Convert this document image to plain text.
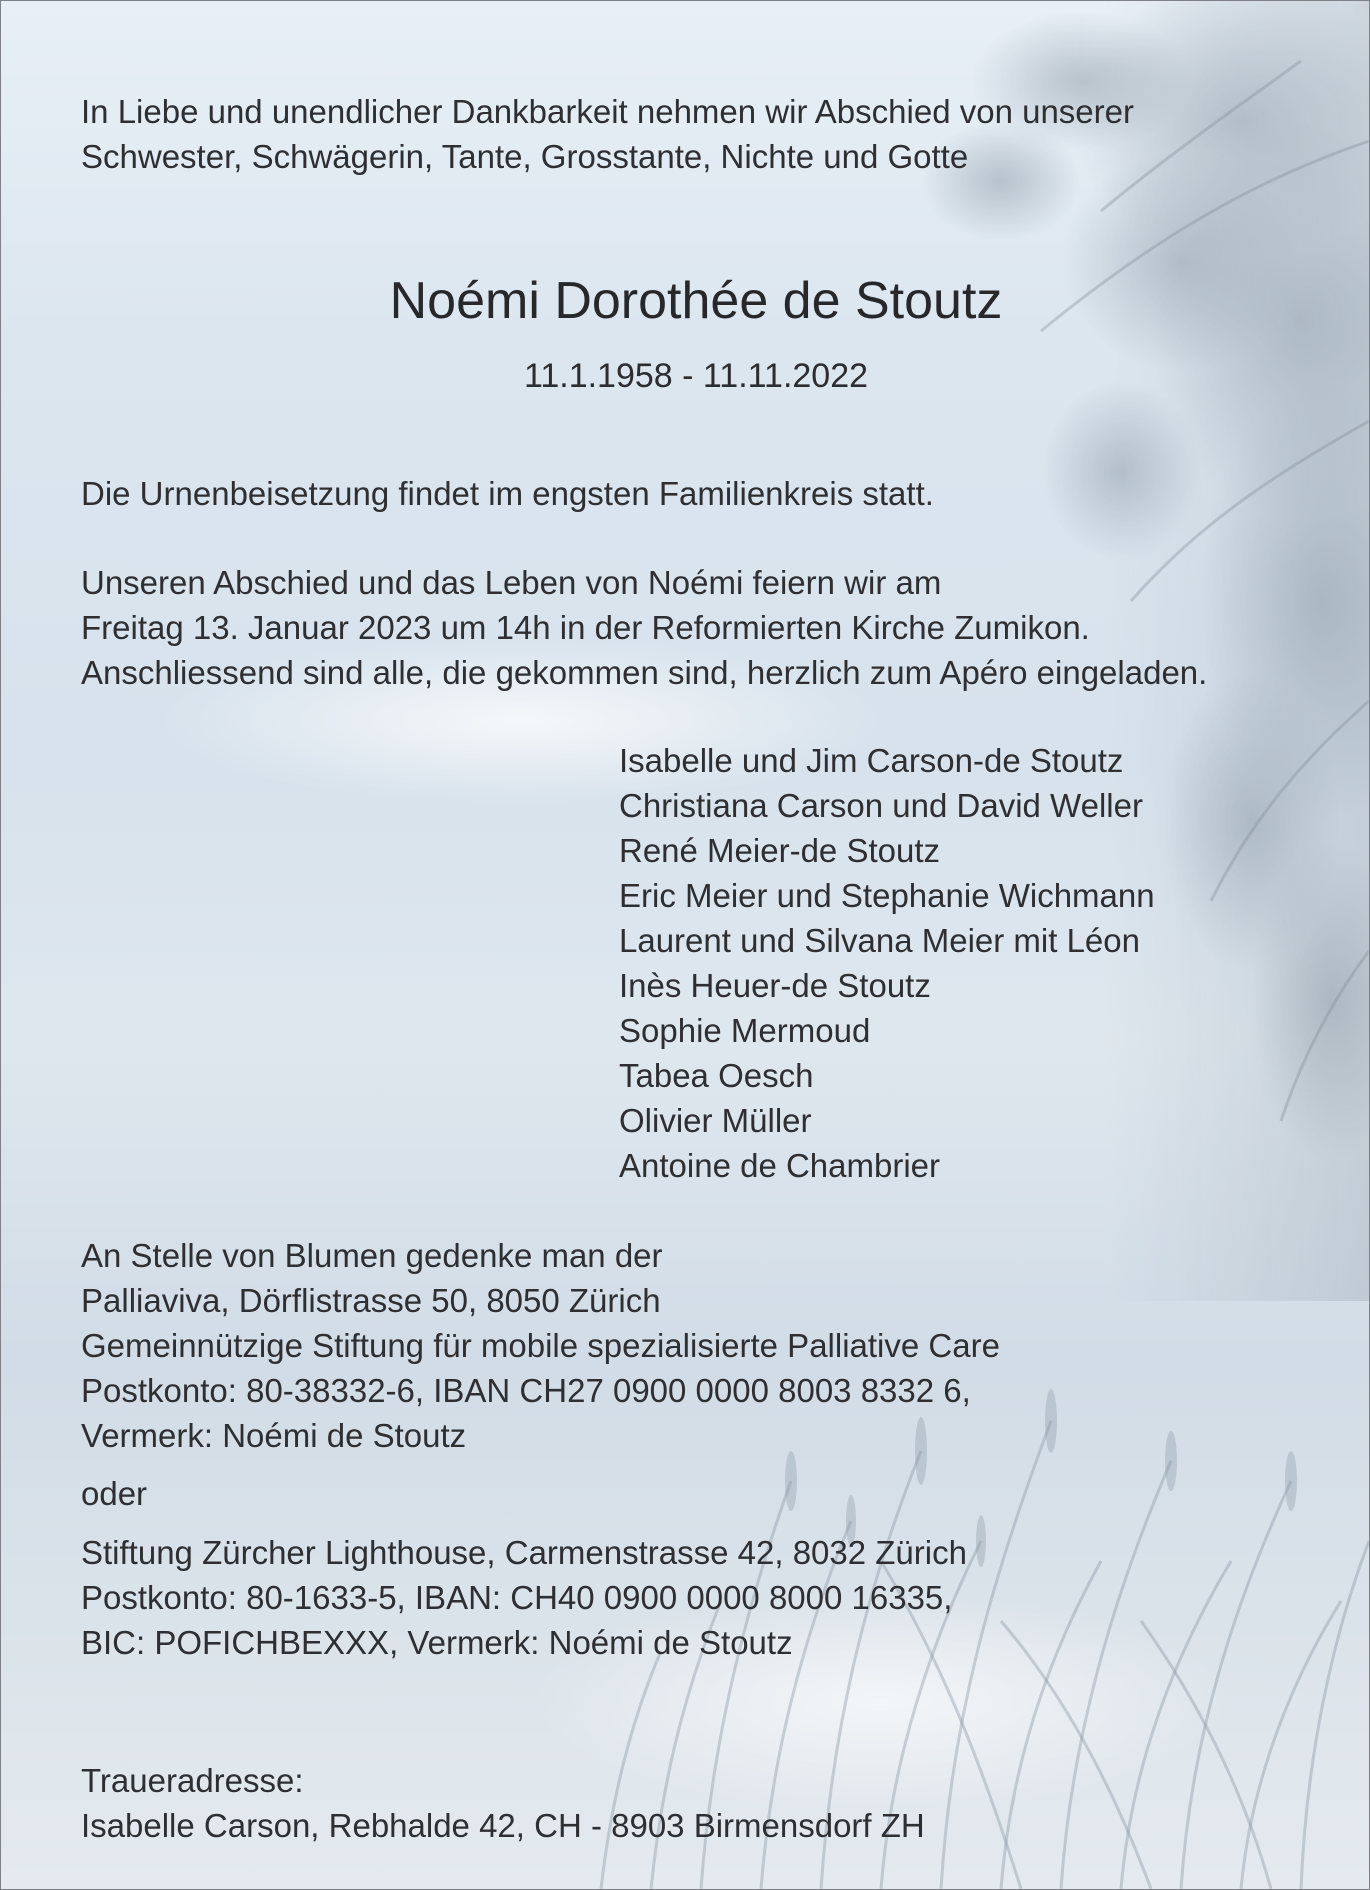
In Liebe und unendlicher Dankbarkeit nehmen wir Abschied von unserer
Schwester, Schwägerin, Tante, Grosstante, Nichte und Gotte
Noémi Dorothée de Stoutz
11.1.1958 - 11.11.2022
Die Urnenbeisetzung findet im engsten Familienkreis statt.
Unseren Abschied und das Leben von Noémi feiern wir am
Freitag 13. Januar 2023 um 14h in der Reformierten Kirche Zumikon.
Anschliessend sind alle, die gekommen sind, herzlich zum Apéro eingeladen.
Isabelle und Jim Carson-de Stoutz
Christiana Carson und David Weller
René Meier-de Stoutz
Eric Meier und Stephanie Wichmann
Laurent und Silvana Meier mit Léon
Inès Heuer-de Stoutz
Sophie Mermoud
Tabea Oesch
Olivier Müller
Antoine de Chambrier
An Stelle von Blumen gedenke man der
Palliaviva, Dörflistrasse 50, 8050 Zürich
Gemeinnützige Stiftung für mobile spezialisierte Palliative Care
Postkonto: 80-38332-6, IBAN CH27 0900 0000 8003 8332 6,
Vermerk: Noémi de Stoutz
oder
Stiftung Zürcher Lighthouse, Carmenstrasse 42, 8032 Zürich
Postkonto: 80-1633-5, IBAN: CH40 0900 0000 8000 16335,
BIC: POFICHBEXXX, Vermerk: Noémi de Stoutz
Traueradresse:
Isabelle Carson, Rebhalde 42, CH - 8903 Birmensdorf ZH
